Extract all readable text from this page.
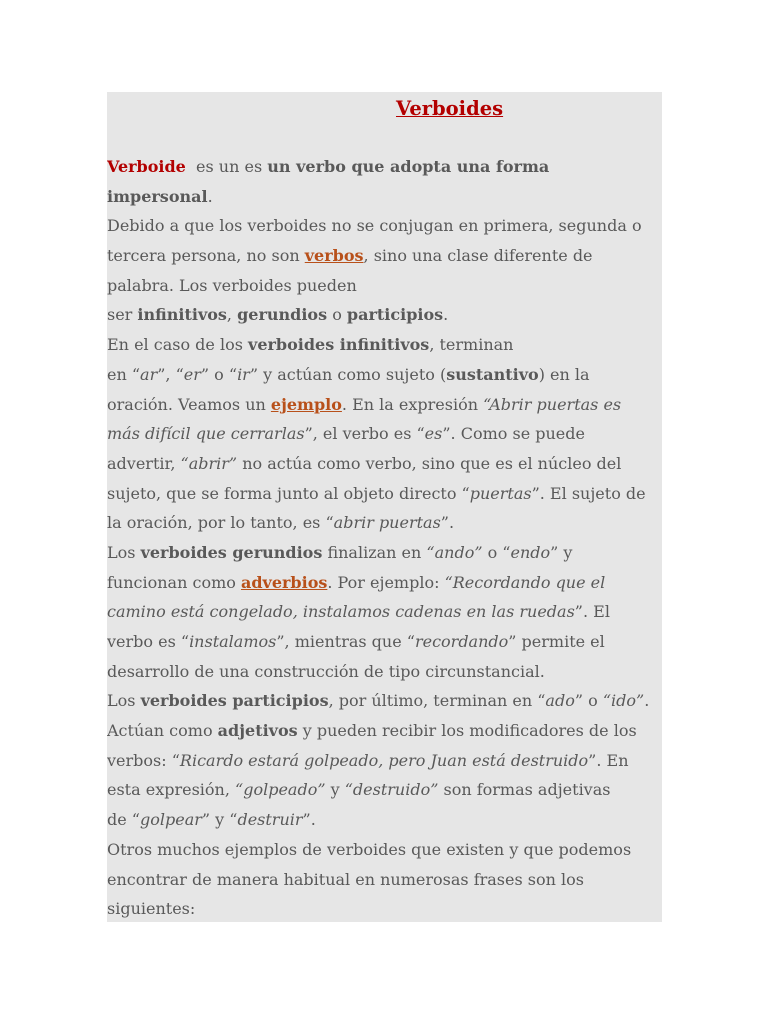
Verboides
Verboide  es un es un verbo que adopta una forma
impersonal.
Debido a que los verboides no se conjugan en primera, segunda o
tercera persona, no son verbos, sino una clase diferente de
palabra. Los verboides pueden
ser infinitivos, gerundios o participios.
En el caso de los verboides infinitivos, terminan
en “ar”, “er” o “ir” y actúan como sujeto (sustantivo) en la
oración. Veamos un ejemplo. En la expresión “Abrir puertas es
más difícil que cerrarlas”, el verbo es “es”. Como se puede
advertir, “abrir” no actúa como verbo, sino que es el núcleo del
sujeto, que se forma junto al objeto directo “puertas”. El sujeto de
la oración, por lo tanto, es “abrir puertas”.
Los verboides gerundios finalizan en “ando” o “endo” y
funcionan como adverbios. Por ejemplo: “Recordando que el
camino está congelado, instalamos cadenas en las ruedas”. El
verbo es “instalamos”, mientras que “recordando” permite el
desarrollo de una construcción de tipo circunstancial.
Los verboides participios, por último, terminan en “ado” o “ido”.
Actúan como adjetivos y pueden recibir los modificadores de los
verbos: “Ricardo estará golpeado, pero Juan está destruido”. En
esta expresión, “golpeado” y “destruido” son formas adjetivas
de “golpear” y “destruir”.
Otros muchos ejemplos de verboides que existen y que podemos
encontrar de manera habitual en numerosas frases son los
siguientes:
